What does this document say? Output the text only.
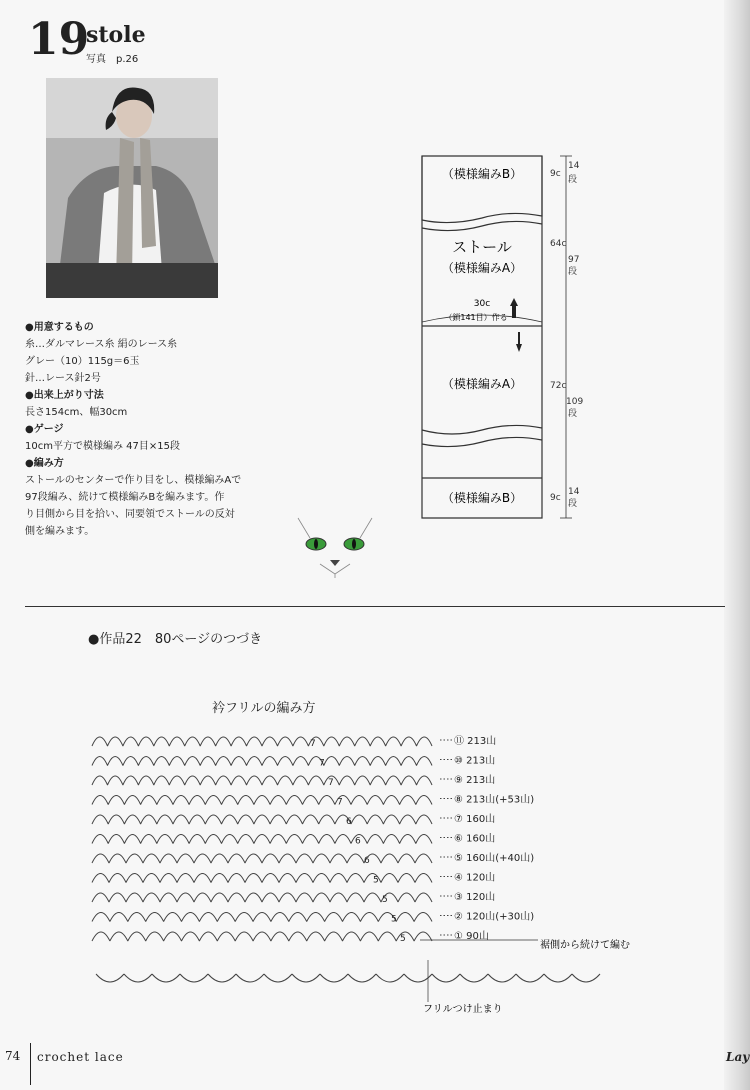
19
stole
写真　p.26

●用意するもの

糸…ダルマレース糸 絹のレース糸

グレー（10）115g＝6玉

針…レース針2号

●出来上がり寸法

長さ154cm、幅30cm

●ゲージ

10cm平方で模様編み 47目×15段

●編み方

ストールのセンターで作り目をし、模様編みAで

97段編み、続けて模様編みBを編みます。作

り目側から目を拾い、同要領でストールの反対

側を編みます。

（模様編みB）
ストール
（模様編みA）
30c
（鎖141目）作る
（模様編みA）
（模様編みB）
9c
14
段
64c
97
段
72c
109
段
9c
14
段
●作品22　80ページのつづき
衿フリルの編み方
⑪ 213山
⑩ 213山
⑨ 213山
⑧ 213山(+53山)
⑦ 160山
⑥ 160山
⑤ 160山(+40山)
④ 120山
③ 120山
② 120山(+30山)
① 90山
7
7
7
7
6
6
6
5
5
5
5
裾側から続けて編む
フリルつけ止まり
74 crochet lace	Lay
